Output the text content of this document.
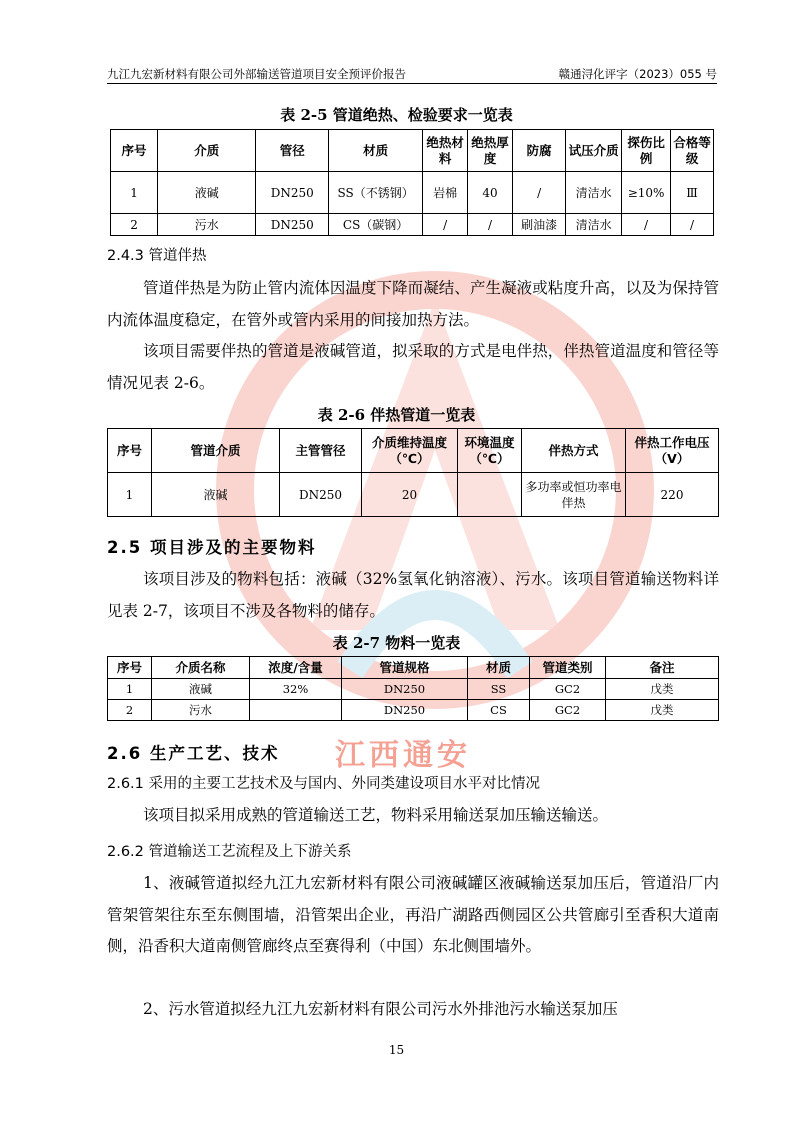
九江九宏新材料有限公司外部输送管道项目安全预评价报告	赣通浔化评字（2023）055 号
江西通安
表 2-5 管道绝热、检验要求一览表
序号	介质	管径	材质	绝热材料	绝热厚度	防腐	试压介质	探伤比例	合格等级
1	液碱	DN250	SS（不锈钢）	岩棉	40	/	清洁水	≥10%	Ⅲ
2	污水	DN250	CS（碳钢）	/	/	刷油漆	清洁水	/	/
2.4.3 管道伴热
管道伴热是为防止管内流体因温度下降而凝结、产生凝液或粘度升高，以及为保持管内流体温度稳定，在管外或管内采用的间接加热方法。
该项目需要伴热的管道是液碱管道，拟采取的方式是电伴热，伴热管道温度和管径等情况见表 2-6。
表 2-6 伴热管道一览表
序号	管道介质	主管管径	介质维持温度（℃）	环境温度（℃）	伴热方式	伴热工作电压（V）
1	液碱	DN250	20		多功率或恒功率电伴热	220
2.5 项目涉及的主要物料
该项目涉及的物料包括：液碱（32%氢氧化钠溶液）、污水。该项目管道输送物料详见表 2-7，该项目不涉及各物料的储存。
表 2-7 物料一览表
序号	介质名称	浓度/含量	管道规格	材质	管道类别	备注
1	液碱	32%	DN250	SS	GC2	戊类
2	污水		DN250	CS	GC2	戊类
2.6 生产工艺、技术
2.6.1 采用的主要工艺技术及与国内、外同类建设项目水平对比情况
该项目拟采用成熟的管道输送工艺，物料采用输送泵加压输送输送。
2.6.2 管道输送工艺流程及上下游关系
1、液碱管道拟经九江九宏新材料有限公司液碱罐区液碱输送泵加压后，管道沿厂内管架管架往东至东侧围墙，沿管架出企业，再沿广湖路西侧园区公共管廊引至香积大道南侧，沿香积大道南侧管廊终点至赛得利（中国）东北侧围墙外。
2、污水管道拟经九江九宏新材料有限公司污水外排池污水输送泵加压
15
